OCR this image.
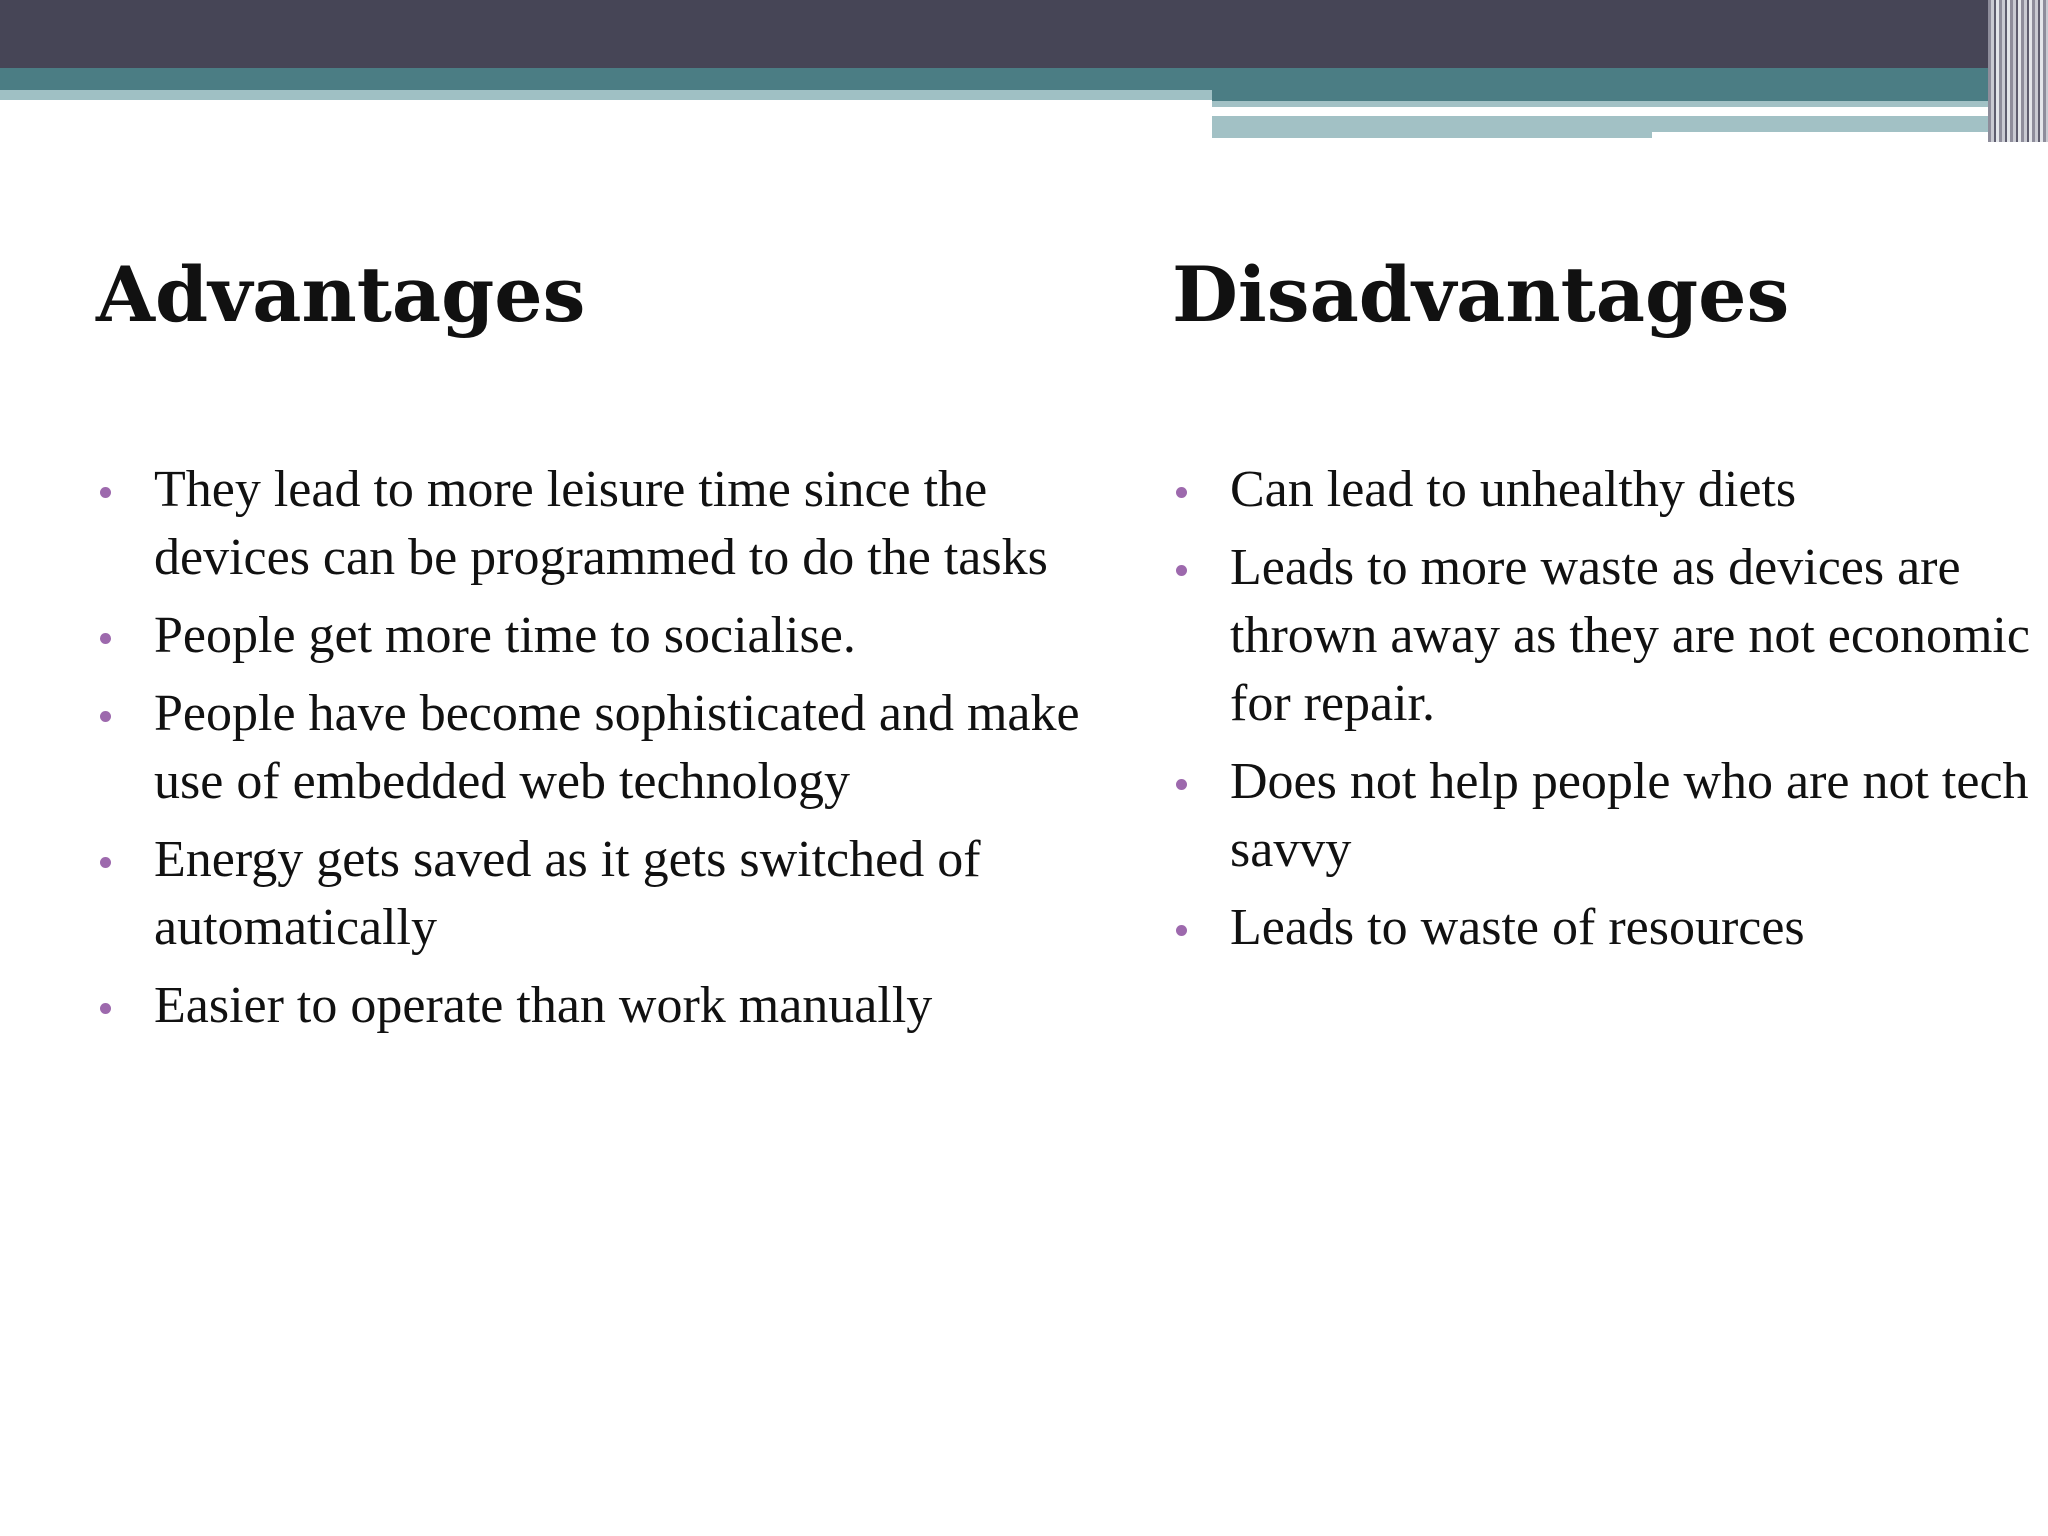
Advantages
They lead to more leisure time since the devices can be programmed to do the tasks
People get more time to socialise.
People have become sophisticated and make use of embedded web technology
Energy gets saved as it gets switched of automatically
Easier to operate than work manually
Disadvantages
Can lead to unhealthy diets
Leads to more waste as devices are thrown away as they are not economic for repair.
Does not help people who are not tech savvy
Leads to waste of resources
